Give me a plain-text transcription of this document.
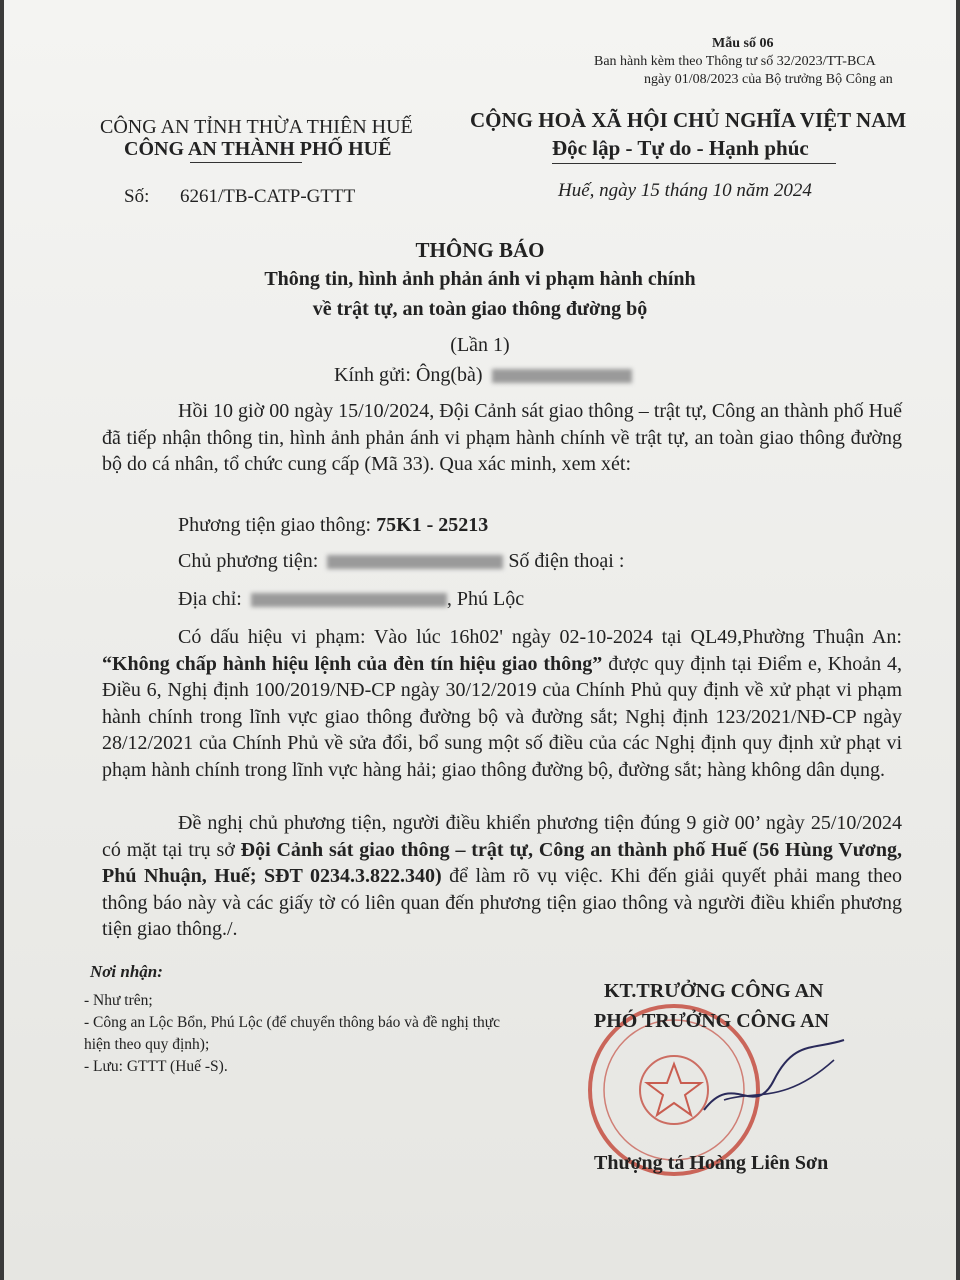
Mẫu số 06
Ban hành kèm theo Thông tư số 32/2023/TT-BCA
ngày 01/08/2023 của Bộ trưởng Bộ Công an
CÔNG AN TỈNH THỪA THIÊN HUẾ
CÔNG AN THÀNH PHỐ HUẾ
CỘNG HOÀ XÃ HỘI CHỦ NGHĨA VIỆT NAM
Độc lập - Tự do - Hạnh phúc
Số: 6261/TB-CATP-GTTT	Huế, ngày 15 tháng 10 năm 2024
THÔNG BÁO
Thông tin, hình ảnh phản ánh vi phạm hành chính
về trật tự, an toàn giao thông đường bộ
(Lần 1)
Kính gửi: Ông(bà)

Hồi 10 giờ 00 ngày 15/10/2024, Đội Cảnh sát giao thông – trật tự, Công an thành phố Huế đã tiếp nhận thông tin, hình ảnh phản ánh vi phạm hành chính về trật tự, an toàn giao thông đường bộ do cá nhân, tổ chức cung cấp (Mã 33). Qua xác minh, xem xét:

Phương tiện giao thông: 75K1 - 25213
Chủ phương tiện:	Số điện thoại :
Địa chỉ:	, Phú Lộc

Có dấu hiệu vi phạm: Vào lúc 16h02' ngày 02-10-2024 tại QL49,Phường Thuận An: “Không chấp hành hiệu lệnh của đèn tín hiệu giao thông” được quy định tại Điểm e, Khoản 4, Điều 6, Nghị định 100/2019/NĐ-CP ngày 30/12/2019 của Chính Phủ quy định về xử phạt vi phạm hành chính trong lĩnh vực giao thông đường bộ và đường sắt; Nghị định 123/2021/NĐ-CP ngày 28/12/2021 của Chính Phủ về sửa đổi, bổ sung một số điều của các Nghị định quy định xử phạt vi phạm hành chính trong lĩnh vực hàng hải; giao thông đường bộ, đường sắt; hàng không dân dụng.

Đề nghị chủ phương tiện, người điều khiển phương tiện đúng 9 giờ 00’ ngày 25/10/2024 có mặt tại trụ sở Đội Cảnh sát giao thông – trật tự, Công an thành phố Huế (56 Hùng Vương, Phú Nhuận, Huế; SĐT 0234.3.822.340) để làm rõ vụ việc. Khi đến giải quyết phải mang theo thông báo này và các giấy tờ có liên quan đến phương tiện giao thông và người điều khiển phương tiện giao thông./.

Nơi nhận:

- Như trên;

- Công an Lộc Bổn, Phú Lộc (để chuyển thông báo và đề nghị thực hiện theo quy định);

- Lưu: GTTT (Huế -S).

KT.TRƯỞNG CÔNG AN
PHÓ TRƯỞNG CÔNG AN
Thượng tá Hoàng Liên Sơn
